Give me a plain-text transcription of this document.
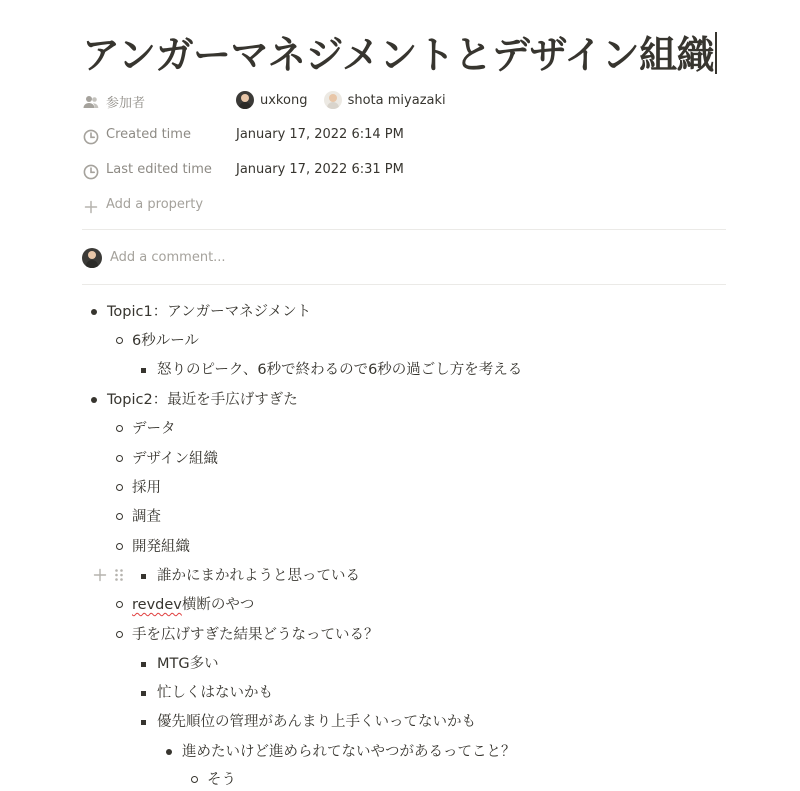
アンガーマネジメントとデザイン組織
参加者	uxkong
	shota miyazaki
Created time	January 17, 2022 6:14 PM
Last edited time January 17, 2022 6:31 PM
Add a property
Add a comment...
Topic1：アンガーマネジメント
6秒ルール
怒りのピーク、6秒で終わるので6秒の過ごし方を考える
Topic2：最近を手広げすぎた
データ
デザイン組織
採用
調査
開発組織
誰かにまかれようと思っている
revdev横断のやつ
手を広げすぎた結果どうなっている？
MTG多い
忙しくはないかも
優先順位の管理があんまり上手くいってないかも
進めたいけど進められてないやつがあるってこと？
そう
